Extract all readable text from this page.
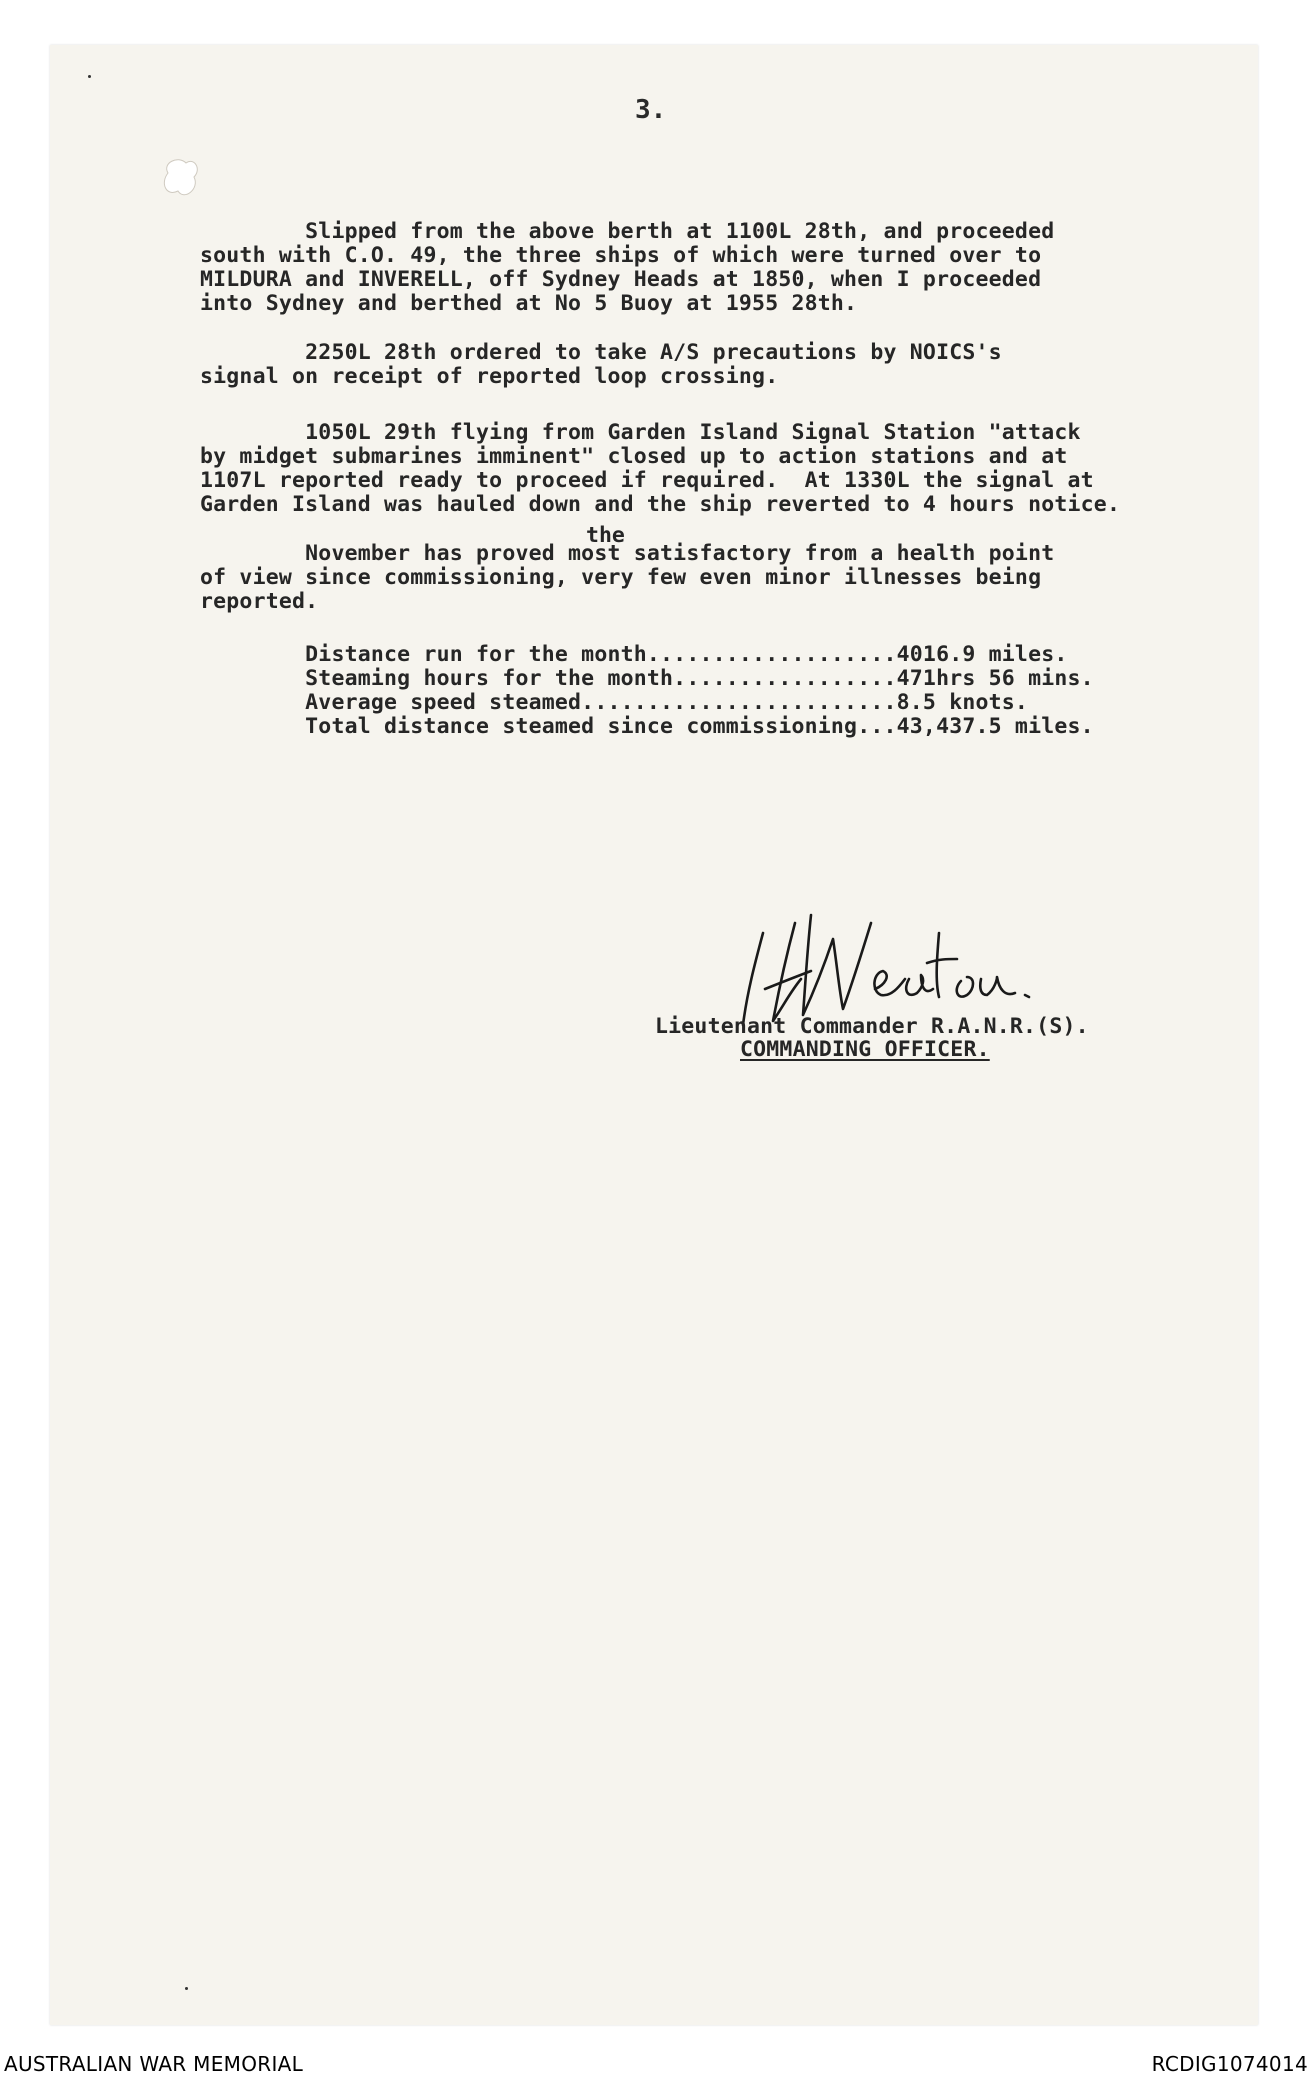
3.
Slipped from the above berth at 1100L 28th, and proceeded
south with C.O. 49, the three ships of which were turned over to
MILDURA and INVERELL, off Sydney Heads at 1850, when I proceeded
into Sydney and berthed at No 5 Buoy at 1955 28th.
2250L 28th ordered to take A/S precautions by NOICS's
signal on receipt of reported loop crossing.
1050L 29th flying from Garden Island Signal Station "attack
by midget submarines imminent" closed up to action stations and at
1107L reported ready to proceed if required.  At 1330L the signal at
Garden Island was hauled down and the ship reverted to 4 hours notice.
the
November has proved most satisfactory from a health point
of view since commissioning, very few even minor illnesses being
reported.
Distance run for the month...................4016.9 miles.
Steaming hours for the month.................471hrs 56 mins.
Average speed steamed........................8.5 knots.
Total distance steamed since commissioning...43,437.5 miles.
Lieutenant Commander R.A.N.R.(S).
COMMANDING OFFICER.
AUSTRALIAN WAR MEMORIAL	RCDIG1074014
